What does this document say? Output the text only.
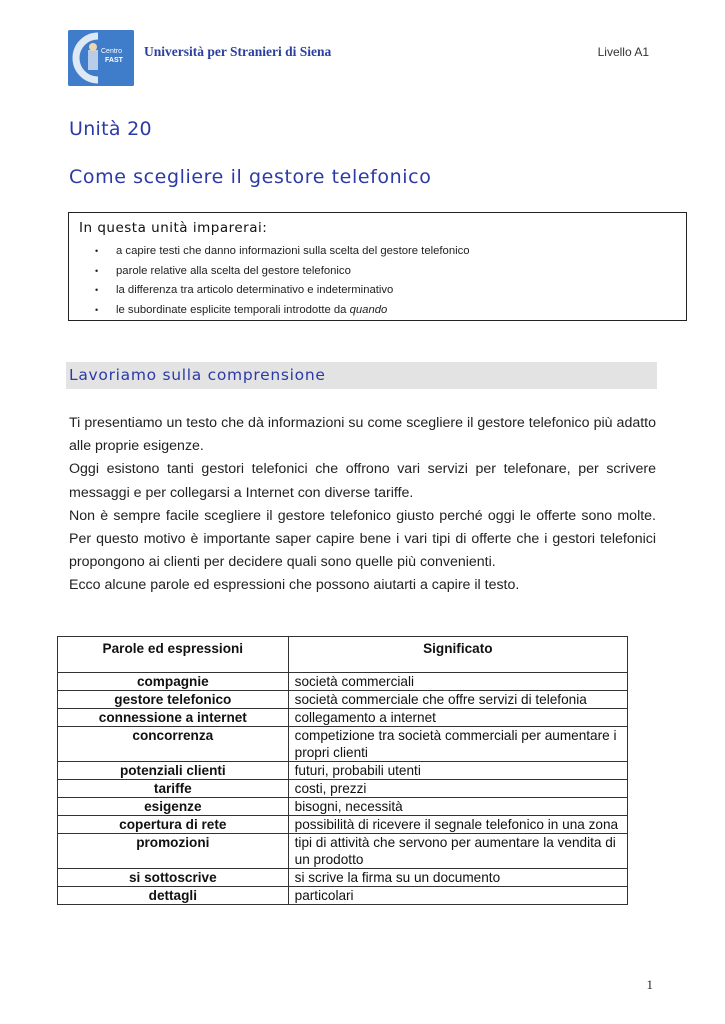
Centro
FAST
Università per Stranieri di Siena	Livello A1
Unità 20
Come scegliere il gestore telefonico
In questa unità imparerai:
• a capire testi che danno informazioni sulla scelta del gestore telefonico
• parole relative alla scelta del gestore telefonico
• la differenza tra articolo determinativo e indeterminativo
• le subordinate esplicite temporali introdotte da quando
Lavoriamo sulla comprensione

Ti presentiamo un testo che dà informazioni su come scegliere il gestore telefonico più adatto alle proprie esigenze.

Oggi esistono tanti gestori telefonici che offrono vari servizi per telefonare, per scrivere messaggi e per collegarsi a Internet con diverse tariffe.

Non è sempre facile scegliere il gestore telefonico giusto perché oggi le offerte sono molte. Per questo motivo è importante saper capire bene i vari tipi di offerte che i gestori telefonici propongono ai clienti per decidere quali sono quelle più convenienti.

Ecco alcune parole ed espressioni che possono aiutarti a capire il testo.

Parole ed espressioni	Significato
compagnie	società commerciali
gestore telefonico	società commerciale che offre servizi di telefonia
connessione a internet	collegamento a internet
concorrenza	competizione tra società commerciali per aumentare i propri clienti
potenziali clienti	futuri, probabili utenti
tariffe	costi, prezzi
esigenze	bisogni, necessità
copertura di rete	possibilità di ricevere il segnale telefonico in una zona
promozioni	tipi di attività che servono per aumentare la vendita di un prodotto
si sottoscrive	si scrive la firma su un documento
dettagli	particolari
1
